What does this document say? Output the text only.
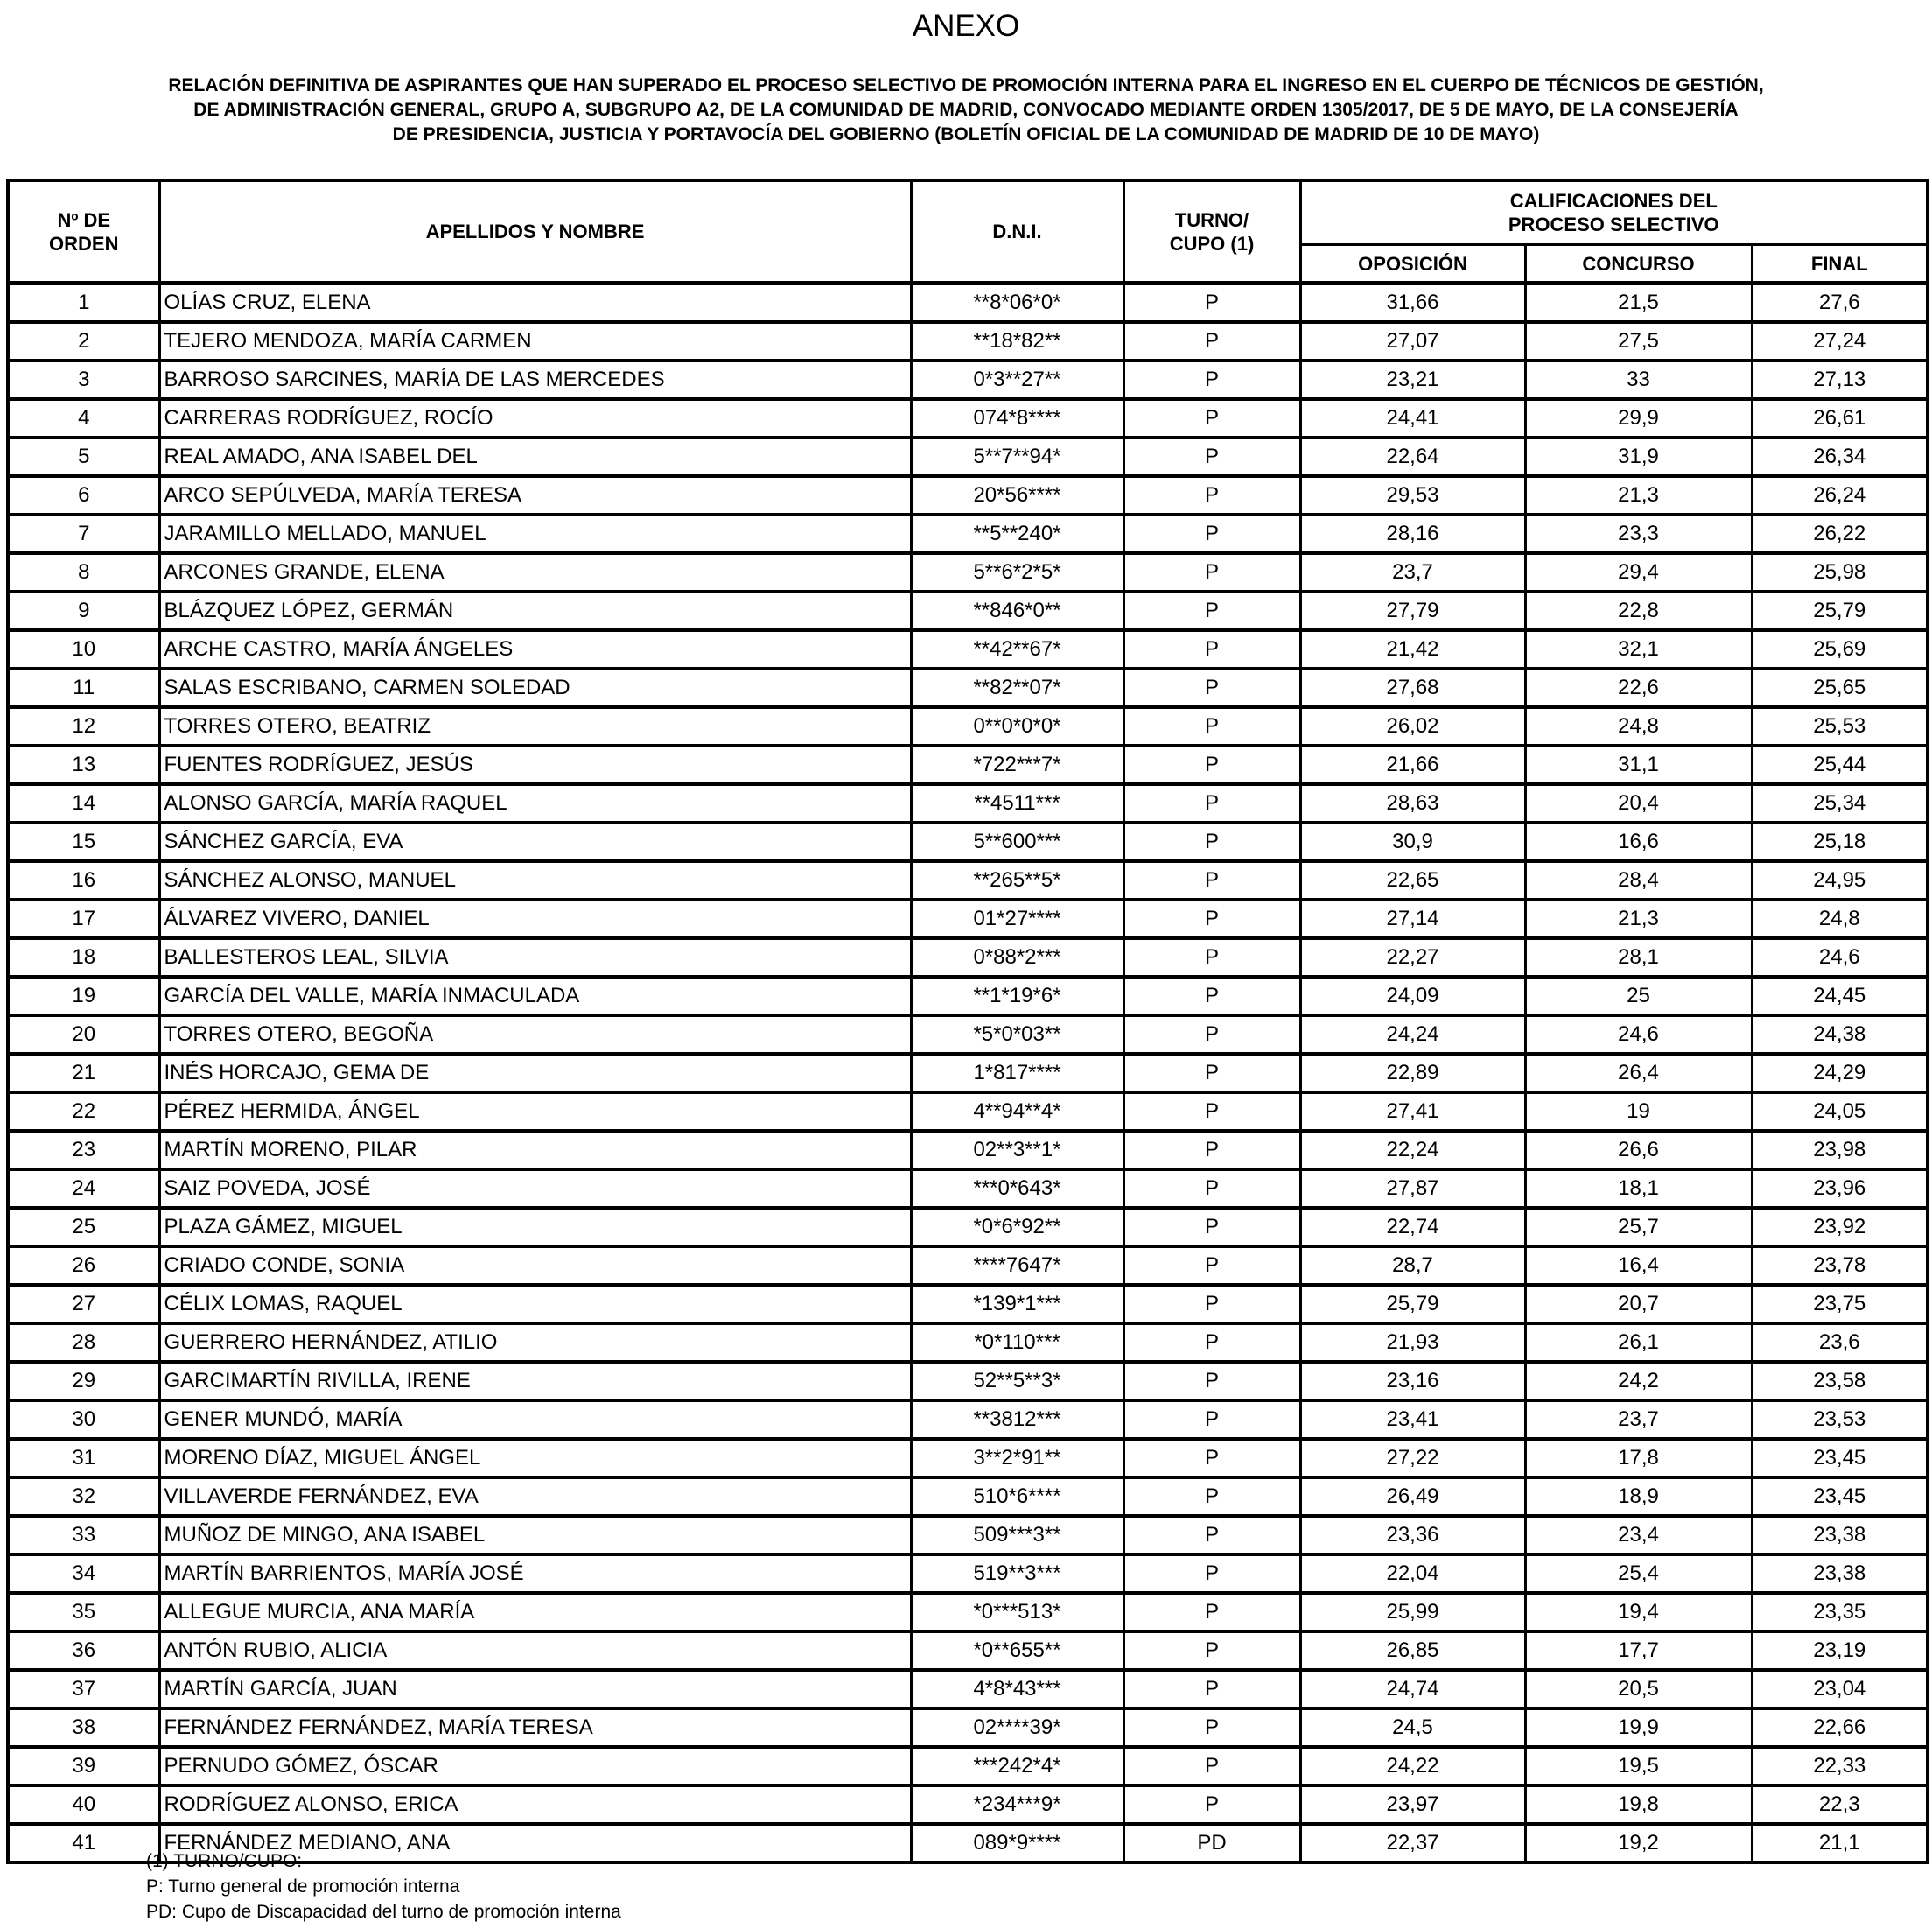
ANEXO
RELACIÓN DEFINITIVA DE ASPIRANTES QUE HAN SUPERADO EL PROCESO SELECTIVO DE PROMOCIÓN INTERNA PARA EL INGRESO EN EL CUERPO DE TÉCNICOS DE GESTIÓN,
DE ADMINISTRACIÓN GENERAL, GRUPO A, SUBGRUPO A2, DE LA COMUNIDAD DE MADRID, CONVOCADO MEDIANTE ORDEN 1305/2017, DE 5 DE MAYO, DE LA CONSEJERÍA
DE PRESIDENCIA, JUSTICIA Y PORTAVOCÍA DEL GOBIERNO (BOLETÍN OFICIAL DE LA COMUNIDAD DE MADRID DE 10 DE MAYO)
Nº DE
ORDEN	APELLIDOS Y NOMBRE	D.N.I.	TURNO/
CUPO (1)	CALIFICACIONES DEL
PROCESO SELECTIVO		
				OPOSICIÓN	CONCURSO	FINAL
1	OLÍAS CRUZ, ELENA	**8*06*0*	P	31,66	21,5	27,6
2	TEJERO MENDOZA, MARÍA CARMEN	**18*82**	P	27,07	27,5	27,24
3	BARROSO SARCINES, MARÍA DE LAS MERCEDES	0*3**27**	P	23,21	33	27,13
4	CARRERAS RODRÍGUEZ, ROCÍO	074*8****	P	24,41	29,9	26,61
5	REAL AMADO, ANA ISABEL DEL	5**7**94*	P	22,64	31,9	26,34
6	ARCO SEPÚLVEDA, MARÍA TERESA	20*56****	P	29,53	21,3	26,24
7	JARAMILLO MELLADO, MANUEL	**5**240*	P	28,16	23,3	26,22
8	ARCONES GRANDE, ELENA	5**6*2*5*	P	23,7	29,4	25,98
9	BLÁZQUEZ LÓPEZ, GERMÁN	**846*0**	P	27,79	22,8	25,79
10	ARCHE CASTRO, MARÍA ÁNGELES	**42**67*	P	21,42	32,1	25,69
11	SALAS ESCRIBANO, CARMEN SOLEDAD	**82**07*	P	27,68	22,6	25,65
12	TORRES OTERO, BEATRIZ	0**0*0*0*	P	26,02	24,8	25,53
13	FUENTES RODRÍGUEZ, JESÚS	*722***7*	P	21,66	31,1	25,44
14	ALONSO GARCÍA, MARÍA RAQUEL	**4511***	P	28,63	20,4	25,34
15	SÁNCHEZ GARCÍA, EVA	5**600***	P	30,9	16,6	25,18
16	SÁNCHEZ ALONSO, MANUEL	**265**5*	P	22,65	28,4	24,95
17	ÁLVAREZ VIVERO, DANIEL	01*27****	P	27,14	21,3	24,8
18	BALLESTEROS LEAL, SILVIA	0*88*2***	P	22,27	28,1	24,6
19	GARCÍA DEL VALLE, MARÍA INMACULADA	**1*19*6*	P	24,09	25	24,45
20	TORRES OTERO, BEGOÑA	*5*0*03**	P	24,24	24,6	24,38
21	INÉS HORCAJO, GEMA DE	1*817****	P	22,89	26,4	24,29
22	PÉREZ HERMIDA, ÁNGEL	4**94**4*	P	27,41	19	24,05
23	MARTÍN MORENO, PILAR	02**3**1*	P	22,24	26,6	23,98
24	SAIZ POVEDA, JOSÉ	***0*643*	P	27,87	18,1	23,96
25	PLAZA GÁMEZ, MIGUEL	*0*6*92**	P	22,74	25,7	23,92
26	CRIADO CONDE, SONIA	****7647*	P	28,7	16,4	23,78
27	CÉLIX LOMAS, RAQUEL	*139*1***	P	25,79	20,7	23,75
28	GUERRERO HERNÁNDEZ, ATILIO	*0*110***	P	21,93	26,1	23,6
29	GARCIMARTÍN RIVILLA, IRENE	52**5**3*	P	23,16	24,2	23,58
30	GENER MUNDÓ, MARÍA	**3812***	P	23,41	23,7	23,53
31	MORENO DÍAZ, MIGUEL ÁNGEL	3**2*91**	P	27,22	17,8	23,45
32	VILLAVERDE FERNÁNDEZ, EVA	510*6****	P	26,49	18,9	23,45
33	MUÑOZ DE MINGO, ANA ISABEL	509***3**	P	23,36	23,4	23,38
34	MARTÍN BARRIENTOS, MARÍA JOSÉ	519**3***	P	22,04	25,4	23,38
35	ALLEGUE MURCIA, ANA MARÍA	*0***513*	P	25,99	19,4	23,35
36	ANTÓN RUBIO, ALICIA	*0**655**	P	26,85	17,7	23,19
37	MARTÍN GARCÍA, JUAN	4*8*43***	P	24,74	20,5	23,04
38	FERNÁNDEZ FERNÁNDEZ, MARÍA TERESA	02****39*	P	24,5	19,9	22,66
39	PERNUDO GÓMEZ, ÓSCAR	***242*4*	P	24,22	19,5	22,33
40	RODRÍGUEZ ALONSO, ERICA	*234***9*	P	23,97	19,8	22,3
41	FERNÁNDEZ MEDIANO, ANA	089*9****	PD	22,37	19,2	21,1
(1) TURNO/CUPO:
P: Turno general de promoción interna
PD: Cupo de Discapacidad del turno de promoción interna
